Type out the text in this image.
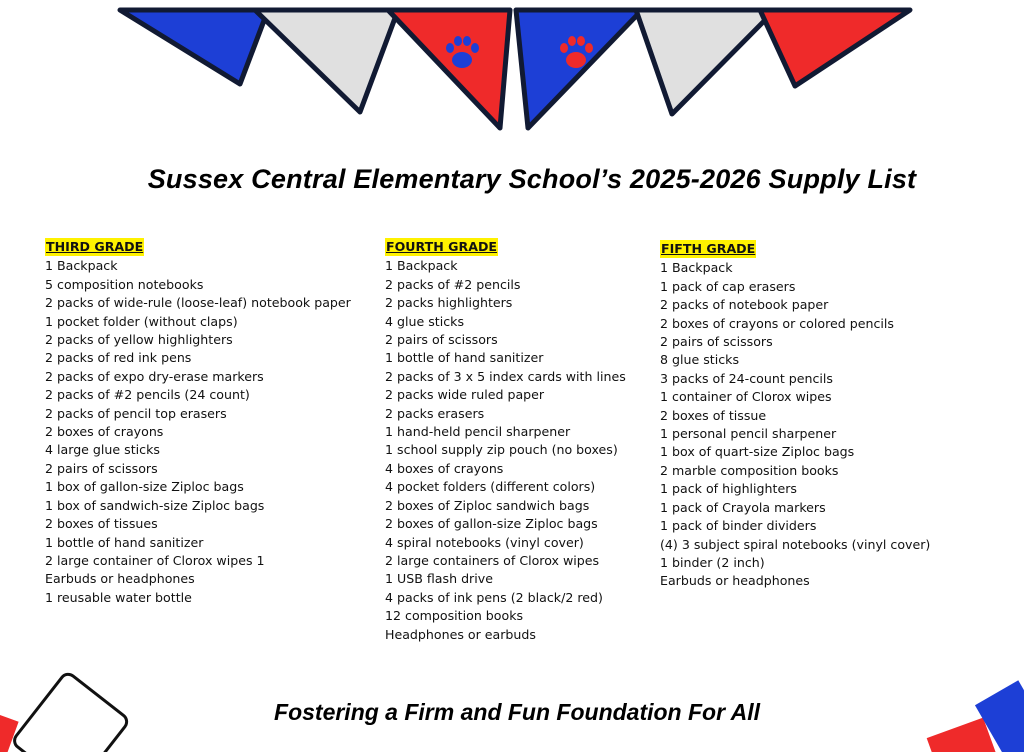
Sussex Central Elementary School’s 2025-2026 Supply List
THIRD GRADE
1 Backpack
5 composition notebooks
2 packs of wide-rule (loose-leaf) notebook paper
1 pocket folder (without claps)
2 packs of yellow highlighters
2 packs of red ink pens
2 packs of expo dry-erase markers
2 packs of #2 pencils (24 count)
2 packs of pencil top erasers
2 boxes of crayons
4 large glue sticks
2 pairs of scissors
1 box of gallon-size Ziploc bags
1 box of sandwich-size Ziploc bags
2 boxes of tissues
1 bottle of hand sanitizer
2 large container of Clorox wipes 1
Earbuds or headphones
1 reusable water bottle
FOURTH GRADE
1 Backpack
2 packs of #2 pencils
2 packs highlighters
4 glue sticks
2 pairs of scissors
1 bottle of hand sanitizer
2 packs of 3 x 5 index cards with lines
2 packs wide ruled paper
2 packs erasers
1 hand-held pencil sharpener
1 school supply zip pouch (no boxes)
4 boxes of crayons
4 pocket folders (different colors)
2 boxes of Ziploc sandwich bags
2 boxes of gallon-size Ziploc bags
4 spiral notebooks (vinyl cover)
2 large containers of Clorox wipes
1 USB flash drive
4 packs of ink pens (2 black/2 red)
12 composition books
Headphones or earbuds
FIFTH GRADE
1 Backpack
1 pack of cap erasers
2 packs of notebook paper
2 boxes of crayons or colored pencils
2 pairs of scissors
8 glue sticks
3 packs of 24-count pencils
1 container of Clorox wipes
2 boxes of tissue
1 personal pencil sharpener
1 box of quart-size Ziploc bags
2 marble composition books
1 pack of highlighters
1 pack of Crayola markers
1 pack of binder dividers
(4) 3 subject spiral notebooks (vinyl cover)
1 binder (2 inch)
Earbuds or headphones
Fostering a Firm and Fun Foundation For All
